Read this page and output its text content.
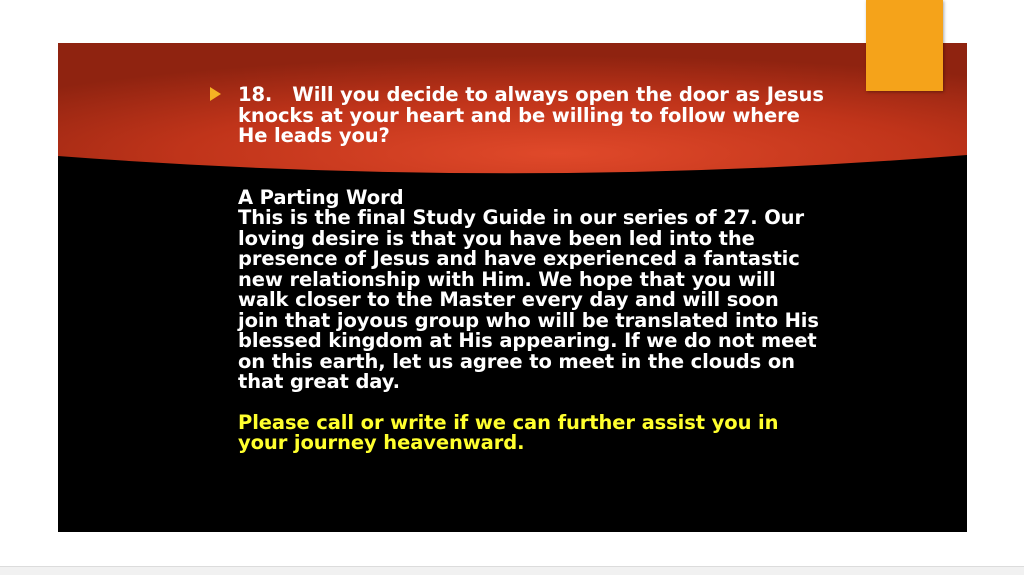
18.   Will you decide to always open the door as Jesus
knocks at your heart and be willing to follow where
He leads you?

A Parting Word

This is the final Study Guide in our series of 27. Our
loving desire is that you have been led into the
presence of Jesus and have experienced a fantastic
new relationship with Him. We hope that you will
walk closer to the Master every day and will soon
join that joyous group who will be translated into His
blessed kingdom at His appearing. If we do not meet
on this earth, let us agree to meet in the clouds on
that great day.

Please call or write if we can further assist you in
your journey heavenward.
